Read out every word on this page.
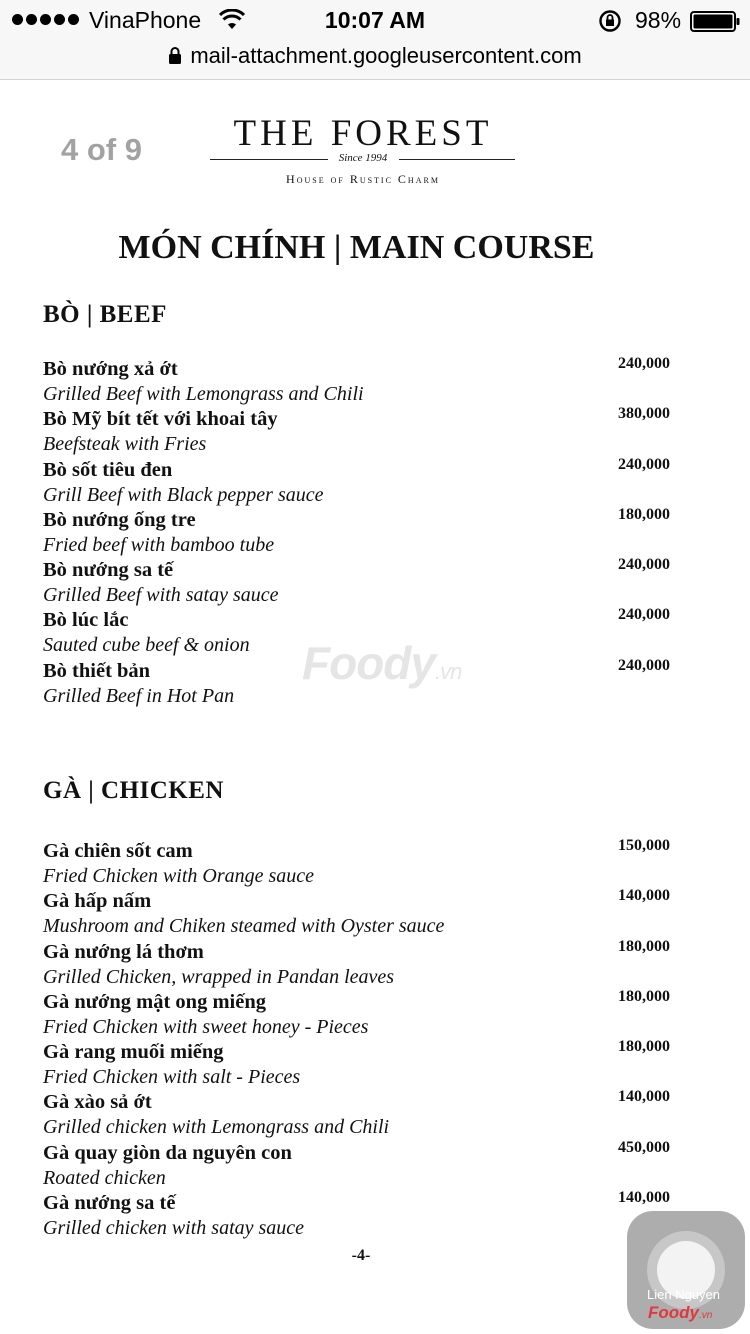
VinaPhone	10:07 AM	98%
mail-attachment.googleusercontent.com
4 of 9	THE FOREST
Since 1994
House of Rustic Charm
MÓN CHÍNH | MAIN COURSE
BÒ | BEEF
Bò nướng xả ớt
Grilled Beef with Lemongrass and Chili
240,000
Bò Mỹ bít tết với khoai tây
Beefsteak with Fries
380,000
Bò sốt tiêu đen
Grill Beef with Black pepper sauce
240,000
Bò nướng ống tre
Fried beef with bamboo tube
180,000
Bò nướng sa tế
Grilled Beef with satay sauce
240,000
Bò lúc lắc
Sauted cube beef & onion
240,000
Bò thiết bản
Grilled Beef in Hot Pan
240,000
GÀ | CHICKEN
Gà chiên sốt cam
Fried Chicken with Orange sauce
150,000
Gà hấp nấm
Mushroom and Chiken steamed with Oyster sauce
140,000
Gà nướng lá thơm
Grilled Chicken, wrapped in Pandan leaves
180,000
Gà nướng mật ong miếng
Fried Chicken with sweet honey - Pieces
180,000
Gà rang muối miếng
Fried Chicken with salt - Pieces
180,000
Gà xào sả ớt
Grilled chicken with Lemongrass and Chili
140,000
Gà quay giòn da nguyên con
Roated chicken
450,000
Gà nướng sa tế
Grilled chicken with satay sauce
140,000
-4-
Foody.vn
Lien Nguyen
Foody.vn
